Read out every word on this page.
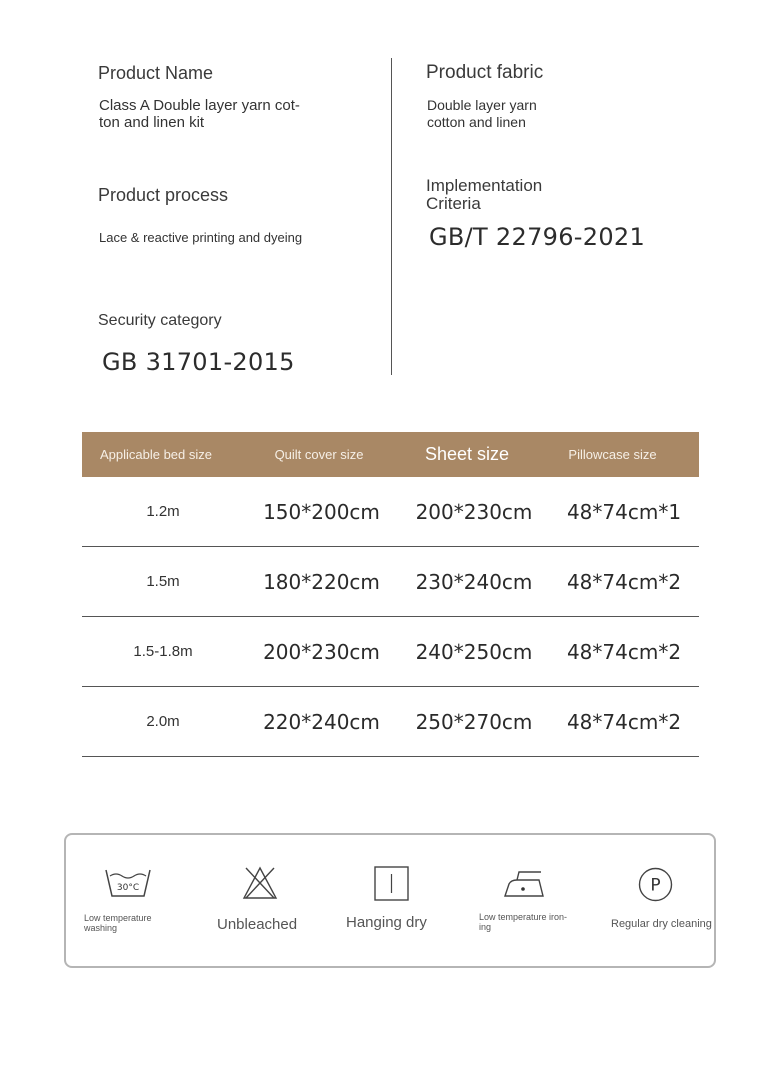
Product Name
Class A Double layer yarn cot-
ton and linen kit
Product process
Lace & reactive printing and dyeing
Security category
GB 31701-2015
Product fabric
Double layer yarn
cotton and linen
Implementation
Criteria
GB/T 22796-2021
Applicable bed size	Quilt cover size	Sheet size	Pillowcase size
1.2m	150*200cm	200*230cm	48*74cm*1
1.5m	180*220cm	230*240cm	48*74cm*2
1.5-1.8m	200*230cm	240*250cm	48*74cm*2
2.0m	220*240cm	250*270cm	48*74cm*2
30°C
Low temperature
washing	Unbleached	Hanging dry	Low temperature iron-
ing
P
Regular dry cleaning
